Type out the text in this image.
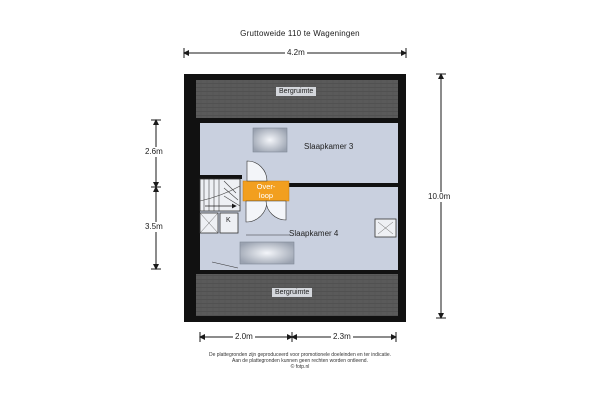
Gruttoweide 110 te Wageningen
4.2m
10.0m
2.6m
3.5m
2.0m	2.3m
Bergruimte
Slaapkamer 3
Over-
loop
K
Slaapkamer 4
Bergruimte
De plattegronden zijn geproduceerd voor promotionele doeleinden en ter indicatie.
Aan de plattegronden kunnen geen rechten worden ontleend.
© fotp.nl
